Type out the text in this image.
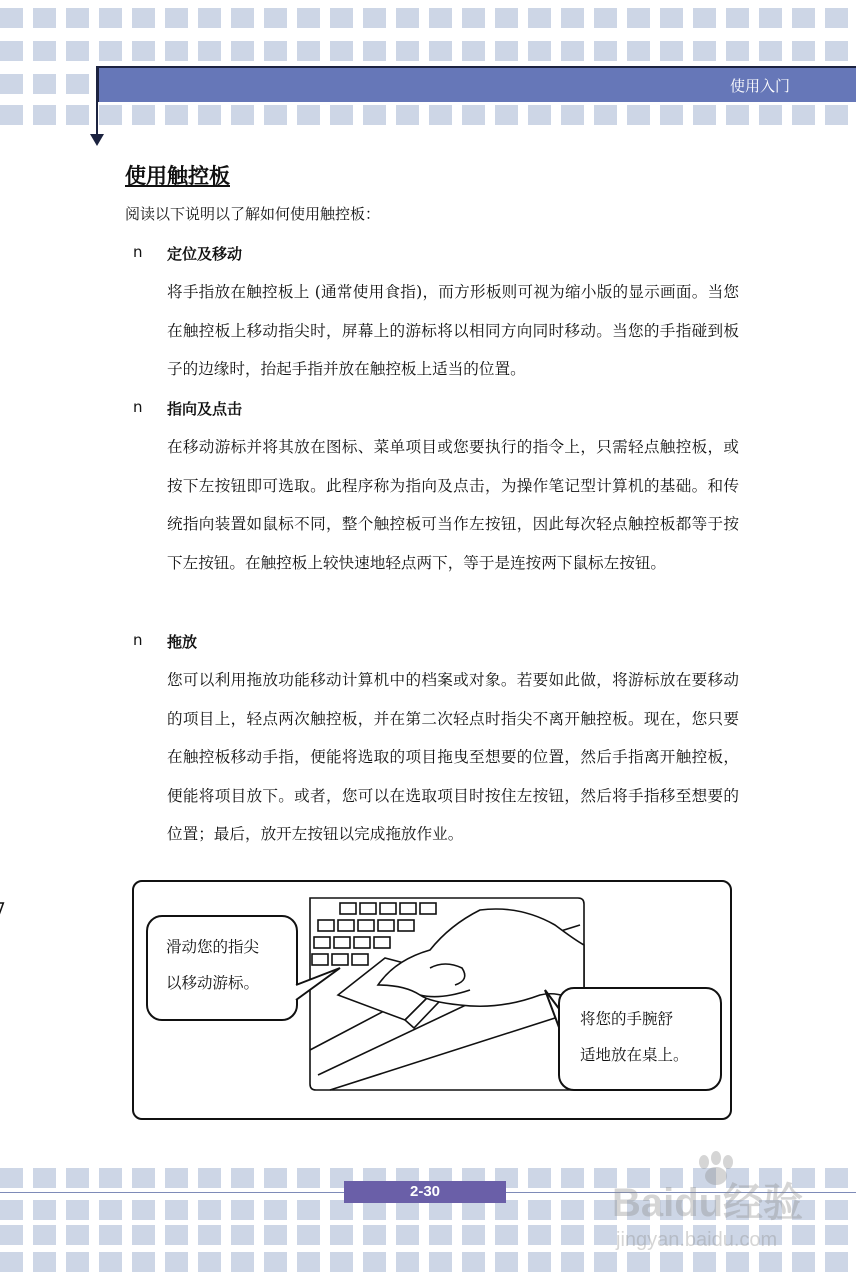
使用入门
使用触控板
阅读以下说明以了解如何使用触控板：
n 定位及移动
将手指放在触控板上 (通常使用食指)，而方形板则可视为缩小版的显示画面。当您在触控板上移动指尖时，屏幕上的游标将以相同方向同时移动。当您的手指碰到板子的边缘时，抬起手指并放在触控板上适当的位置。
n 指向及点击
在移动游标并将其放在图标、菜单项目或您要执行的指令上，只需轻点触控板，或按下左按钮即可选取。此程序称为指向及点击，为操作笔记型计算机的基础。和传统指向装置如鼠标不同，整个触控板可当作左按钮，因此每次轻点触控板都等于按下左按钮。在触控板上较快速地轻点两下，等于是连按两下鼠标左按钮。
n 拖放
您可以利用拖放功能移动计算机中的档案或对象。若要如此做，将游标放在要移动的项目上，轻点两次触控板，并在第二次轻点时指尖不离开触控板。现在，您只要在触控板移动手指，便能将选取的项目拖曳至想要的位置，然后手指离开触控板，便能将项目放下。或者，您可以在选取项目时按住左按钮，然后将手指移至想要的位置；最后，放开左按钮以完成拖放作业。
滑动您的指尖
以移动游标。
将您的手腕舒
适地放在桌上。
2-30	Baidu经验
jingyan.baidu.com
